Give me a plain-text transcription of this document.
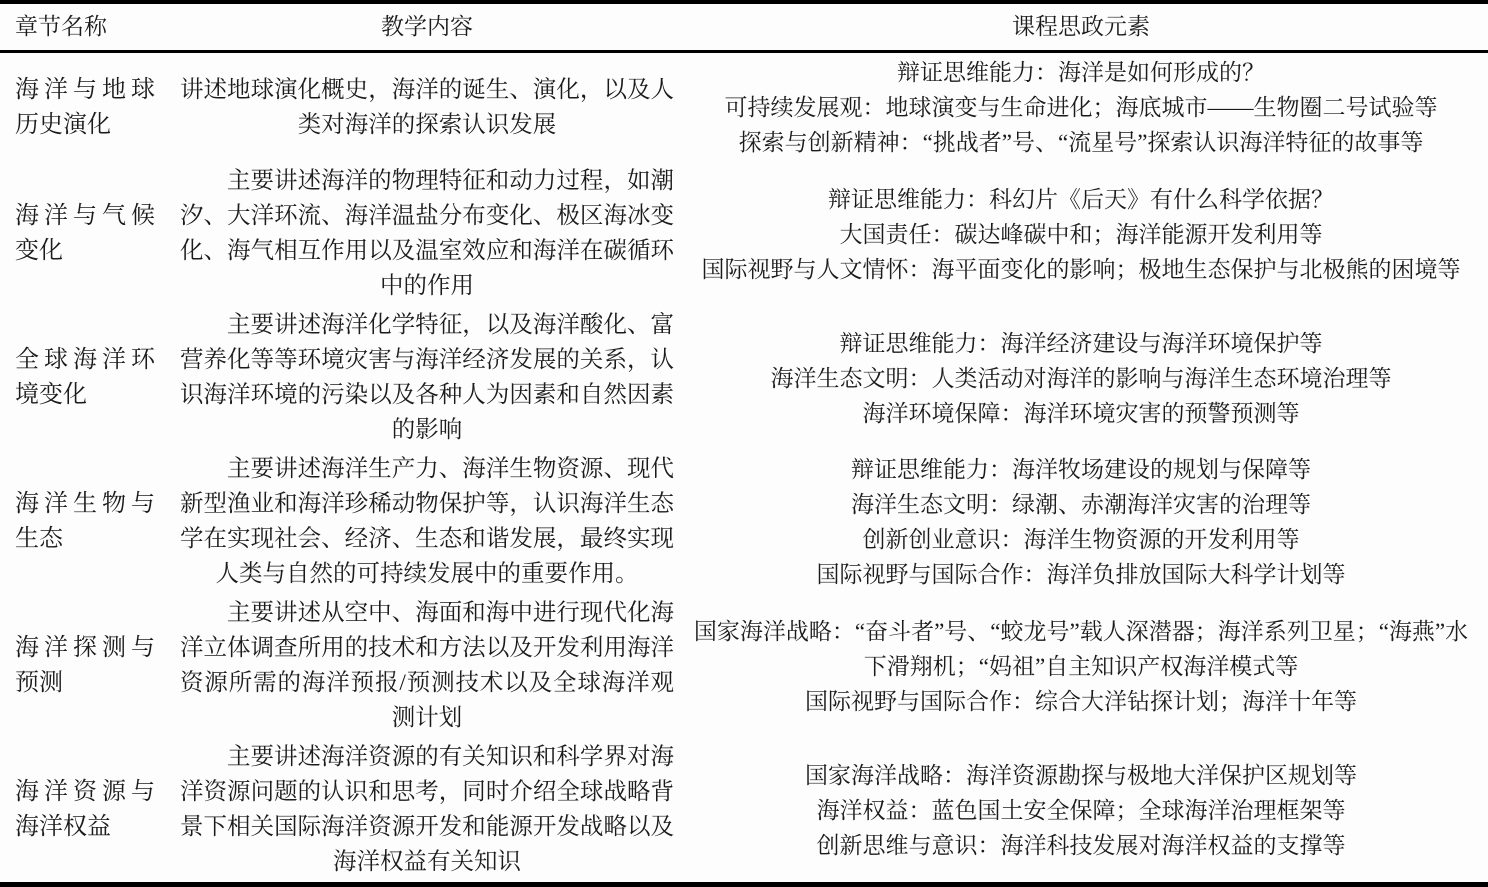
章节名称	教学内容	课程思政元素

海洋与地球历史演化	讲述地球演化概史，海洋的诞生、演化，以及人类对海洋的探索认识发展	辩证思维能力：海洋是如何形成的？
可持续发展观：地球演变与生命进化；海底城市——生物圈二号试验等
探索与创新精神：“挑战者”号、“流星号”探索认识海洋特征的故事等

海洋与气候变化	主要讲述海洋的物理特征和动力过程，如潮汐、大洋环流、海洋温盐分布变化、极区海冰变化、海气相互作用以及温室效应和海洋在碳循环中的作用	辩证思维能力：科幻片《后天》有什么科学依据？
大国责任：碳达峰碳中和；海洋能源开发利用等
国际视野与人文情怀：海平面变化的影响；极地生态保护与北极熊的困境等

全球海洋环境变化	主要讲述海洋化学特征，以及海洋酸化、富营养化等等环境灾害与海洋经济发展的关系，认识海洋环境的污染以及各种人为因素和自然因素的影响	辩证思维能力：海洋经济建设与海洋环境保护等
海洋生态文明：人类活动对海洋的影响与海洋生态环境治理等
海洋环境保障：海洋环境灾害的预警预测等

海洋生物与生态	主要讲述海洋生产力、海洋生物资源、现代新型渔业和海洋珍稀动物保护等，认识海洋生态学在实现社会、经济、生态和谐发展，最终实现人类与自然的可持续发展中的重要作用。	辩证思维能力：海洋牧场建设的规划与保障等
海洋生态文明：绿潮、赤潮海洋灾害的治理等
创新创业意识：海洋生物资源的开发利用等
国际视野与国际合作：海洋负排放国际大科学计划等

海洋探测与预测	主要讲述从空中、海面和海中进行现代化海洋立体调查所用的技术和方法以及开发利用海洋资源所需的海洋预报/预测技术以及全球海洋观测计划	国家海洋战略：“奋斗者”号、“蛟龙号”载人深潜器；海洋系列卫星；“海燕”水下滑翔机；“妈祖”自主知识产权海洋模式等
国际视野与国际合作：综合大洋钻探计划；海洋十年等

海洋资源与海洋权益	主要讲述海洋资源的有关知识和科学界对海洋资源问题的认识和思考，同时介绍全球战略背景下相关国际海洋资源开发和能源开发战略以及海洋权益有关知识	国家海洋战略：海洋资源勘探与极地大洋保护区规划等
海洋权益：蓝色国土安全保障；全球海洋治理框架等
创新思维与意识：海洋科技发展对海洋权益的支撑等
